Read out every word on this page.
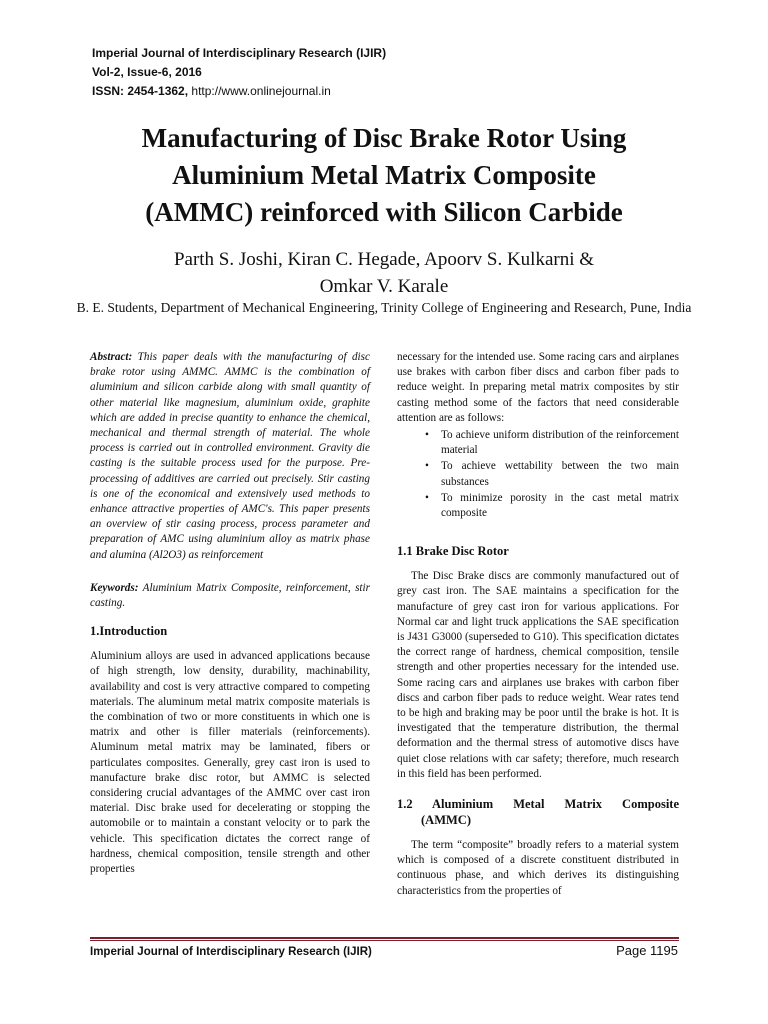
Imperial Journal of Interdisciplinary Research (IJIR)
Vol-2, Issue-6, 2016
ISSN: 2454-1362, http://www.onlinejournal.in
Manufacturing of Disc Brake Rotor Using
Aluminium Metal Matrix Composite
(AMMC) reinforced with Silicon Carbide
Parth S. Joshi, Kiran C. Hegade, Apoorv S. Kulkarni &
Omkar V. Karale
B. E. Students, Department of Mechanical Engineering, Trinity College of Engineering and Research, Pune, India

Abstract: This paper deals with the manufacturing of disc brake rotor using AMMC. AMMC is the combination of aluminium and silicon carbide along with small quantity of other material like magnesium, aluminium oxide, graphite which are added in precise quantity to enhance the chemical, mechanical and thermal strength of material. The whole process is carried out in controlled environment. Gravity die casting is the suitable process used for the purpose. Pre-processing of additives are carried out precisely. Stir casting is one of the economical and extensively used methods to enhance attractive properties of AMC's. This paper presents an overview of stir casing process, process parameter and preparation of AMC using aluminium alloy as matrix phase and alumina (Al2O3) as reinforcement

Keywords: Aluminium Matrix Composite, reinforcement, stir casting.

1.Introduction

Aluminium alloys are used in advanced applications because of high strength, low density, durability, machinability, availability and cost is very attractive compared to competing materials. The aluminum metal matrix composite materials is the combination of two or more constituents in which one is matrix and other is filler materials (reinforcements). Aluminum metal matrix may be laminated, fibers or particulates composites. Generally, grey cast iron is used to manufacture brake disc rotor, but AMMC is selected considering crucial advantages of the AMMC over cast iron material. Disc brake used for decelerating or stopping the automobile or to maintain a constant velocity or to park the vehicle. This specification dictates the correct range of hardness, chemical composition, tensile strength and other properties

necessary for the intended use. Some racing cars and airplanes use brakes with carbon fiber discs and carbon fiber pads to reduce weight. In preparing metal matrix composites by stir casting method some of the factors that need considerable attention are as follows:

• To achieve uniform distribution of the reinforcement material
• To achieve wettability between the two main substances
• To minimize porosity in the cast metal matrix composite
1.1 Brake Disc Rotor

The Disc Brake discs are commonly manufactured out of grey cast iron. The SAE maintains a specification for the manufacture of grey cast iron for various applications. For Normal car and light truck applications the SAE specification is J431 G3000 (superseded to G10). This specification dictates the correct range of hardness, chemical composition, tensile strength and other properties necessary for the intended use. Some racing cars and airplanes use brakes with carbon fiber discs and carbon fiber pads to reduce weight. Wear rates tend to be high and braking may be poor until the brake is hot. It is investigated that the temperature distribution, the thermal deformation and the thermal stress of automotive discs have quiet close relations with car safety; therefore, much research in this field has been performed.

1.2 Aluminium Metal Matrix Composite
(AMMC)

The term “composite” broadly refers to a material system which is composed of a discrete constituent distributed in continuous phase, and which derives its distinguishing characteristics from the properties of

Imperial Journal of Interdisciplinary Research (IJIR)	Page 1195
